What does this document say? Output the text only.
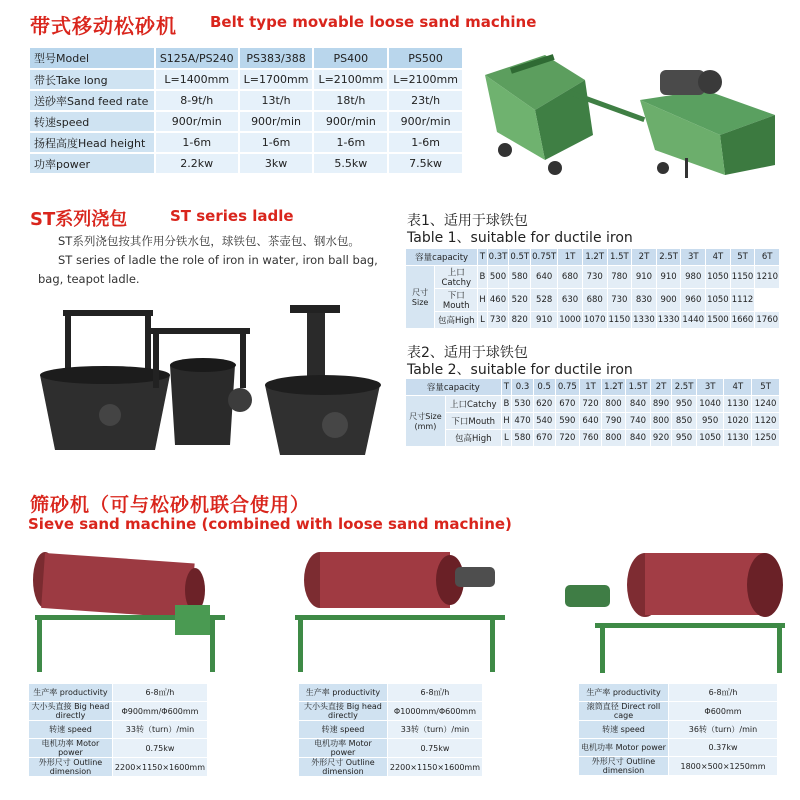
带式移动松砂机 Belt type movable loose sand machine
型号Model	S125A/PS240	PS383/388	PS400	PS500
带长Take long	L=1400mm	L=1700mm	L=2100mm	L=2100mm
送砂率Sand feed rate	8-9t/h	13t/h	18t/h	23t/h
转速speed	900r/min	900r/min	900r/min	900r/min
扬程高度Head height	1-6m	1-6m	1-6m	1-6m
功率power	2.2kw	3kw	5.5kw	7.5kw
ST系列浇包	ST series ladle
ST系列浇包按其作用分铁水包，球铁包、茶壶包、钢水包。
ST series of ladle the role of iron in water, iron ball bag, bag, teapot ladle.
表1、适用于球铁包
Table 1、suitable for ductile iron
容量capacity		T	0.3T	0.5T	0.75T	1T	1.2T	1.5T	2T	2.5T	3T	4T	5T	6T

尺寸Size	上口Catchy	B	500	580	640	680	730	780	910	910	980	1050	1150	1210
	下口Mouth	H	460	520	528	630	680	730	830	900	960	1050	1112	
	包高High	L	730	820	910	1000	1070	1150	1330	1330	1440	1500	1660	1760
表2、适用于球铁包
Table 2、suitable for ductile iron
容量capacity		T	0.3	0.5	0.75	1T	1.2T	1.5T	2T	2.5T	3T	4T	5T

尺寸Size
(mm)	上口Catchy	B	530	620	670	720	800	840	890	950	1040	1130	1240
	下口Mouth	H	470	540	590	640	790	740	800	850	950	1020	1120
	包高High	L	580	670	720	760	800	840	920	950	1050	1130	1250
筛砂机（可与松砂机联合使用）
Sieve sand machine (combined with loose sand machine)
生产率 productivity	6-8㎥/h
大小头直接 Big head directly	Φ900mm/Φ600mm
转速 speed	33转（turn）/min
电机功率 Motor power	0.75kw
外形尺寸 Outline dimension	2200×1150×1600mm
生产率 productivity	6-8㎥/h
大小头直接 Big head directly	Φ1000mm/Φ600mm
转速 speed	33转（turn）/min
电机功率 Motor power	0.75kw
外形尺寸 Outline dimension	2200×1150×1600mm
生产率 productivity	6-8㎥/h
滚筒直径 Direct roll cage	Φ600mm
转速 speed	36转（turn）/min
电机功率 Motor power	0.37kw
外形尺寸 Outline dimension	1800×500×1250mm
